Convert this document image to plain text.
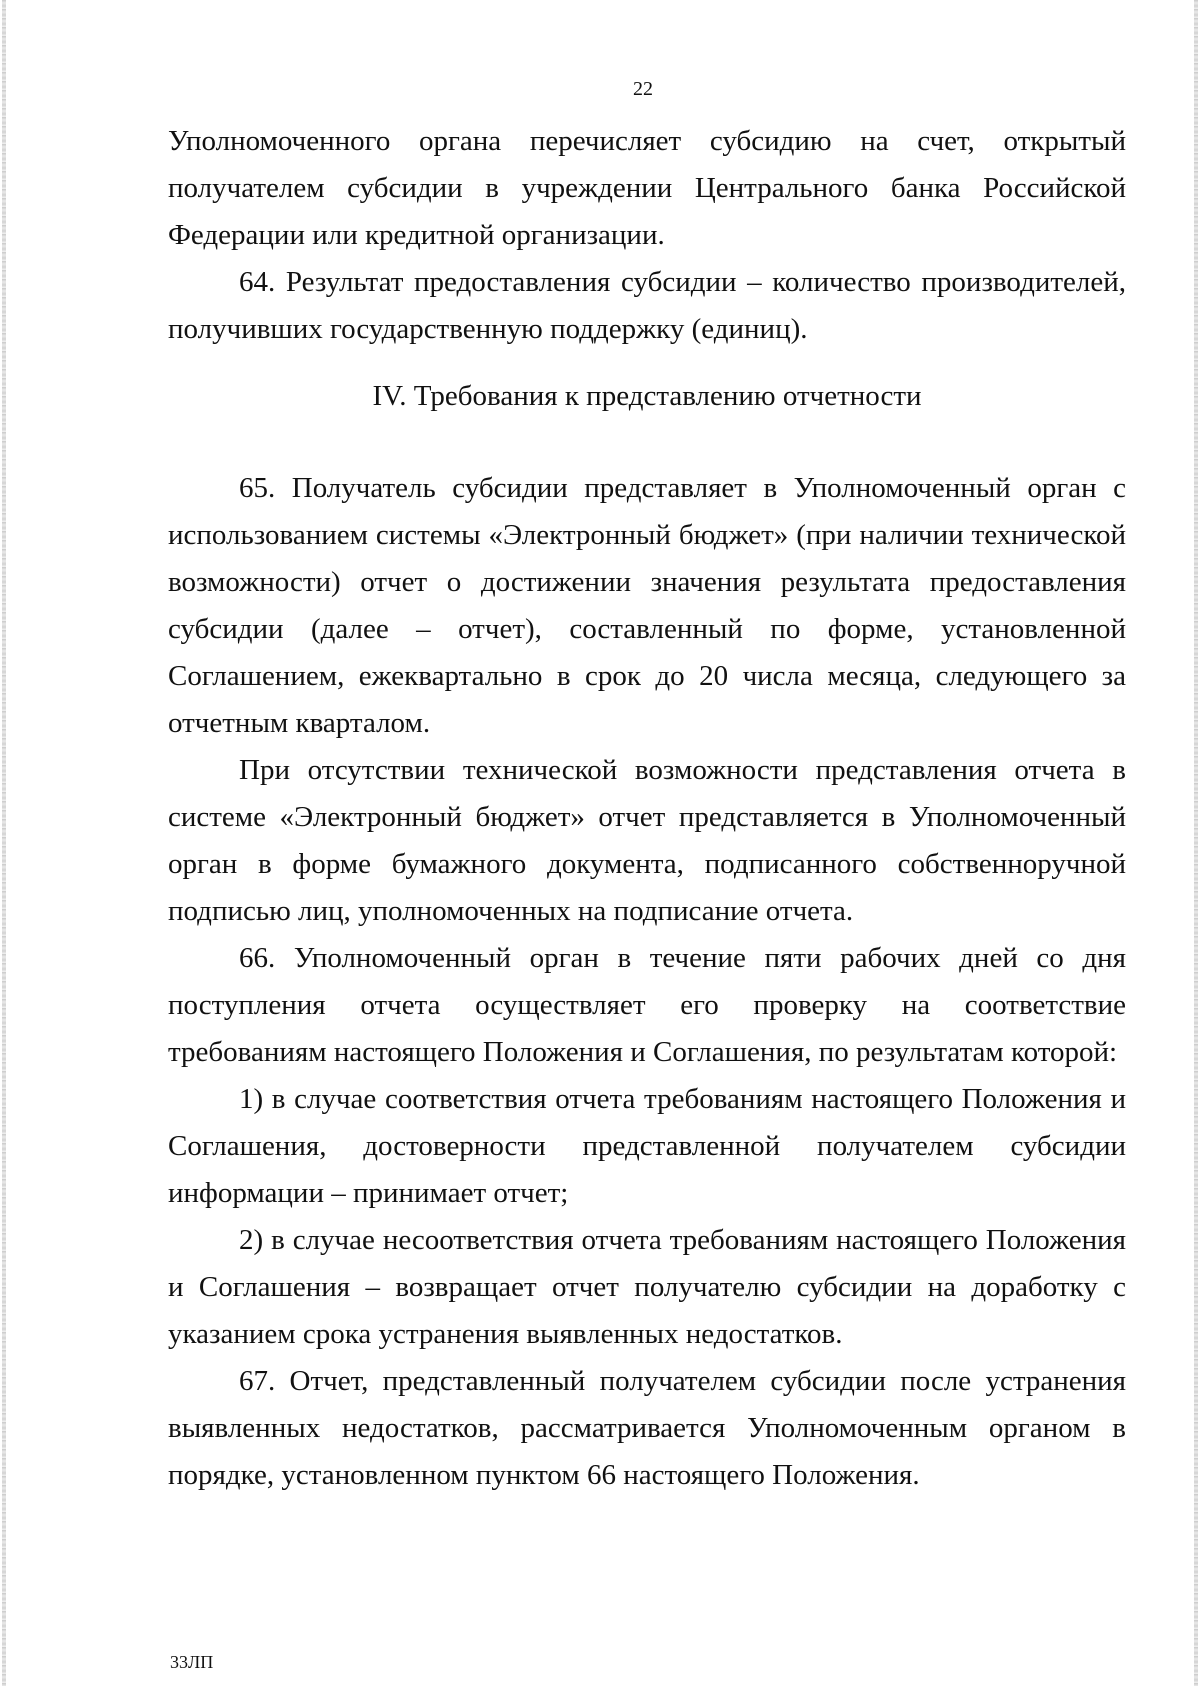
22

Уполномоченного органа перечисляет субсидию на счет, открытый получателем субсидии в учреждении Центрального банка Российской Федерации или кредитной организации.

64. Результат предоставления субсидии – количество производителей, получивших государственную поддержку (единиц).

IV. Требования к представлению отчетности

65. Получатель субсидии представляет в Уполномоченный орган с использованием системы «Электронный бюджет» (при наличии технической возможности) отчет о достижении значения результата предоставления субсидии (далее – отчет), составленный по форме, установленной Соглашением, ежеквартально в срок до 20 числа месяца, следующего за отчетным кварталом.

При отсутствии технической возможности представления отчета в системе «Электронный бюджет» отчет представляется в Уполномоченный орган в форме бумажного документа, подписанного собственноручной подписью лиц, уполномоченных на подписание отчета.

66. Уполномоченный орган в течение пяти рабочих дней со дня поступления отчета осуществляет его проверку на соответствие требованиям настоящего Положения и Соглашения, по результатам которой:

1) в случае соответствия отчета требованиям настоящего Положения и Соглашения, достоверности представленной получателем субсидии информации – принимает отчет;

2) в случае несоответствия отчета требованиям настоящего Положения и Соглашения – возвращает отчет получателю субсидии на доработку с указанием срока устранения выявленных недостатков.

67. Отчет, представленный получателем субсидии после устранения выявленных недостатков, рассматривается Уполномоченным органом в порядке, установленном пунктом 66 настоящего Положения.

33ЛП
